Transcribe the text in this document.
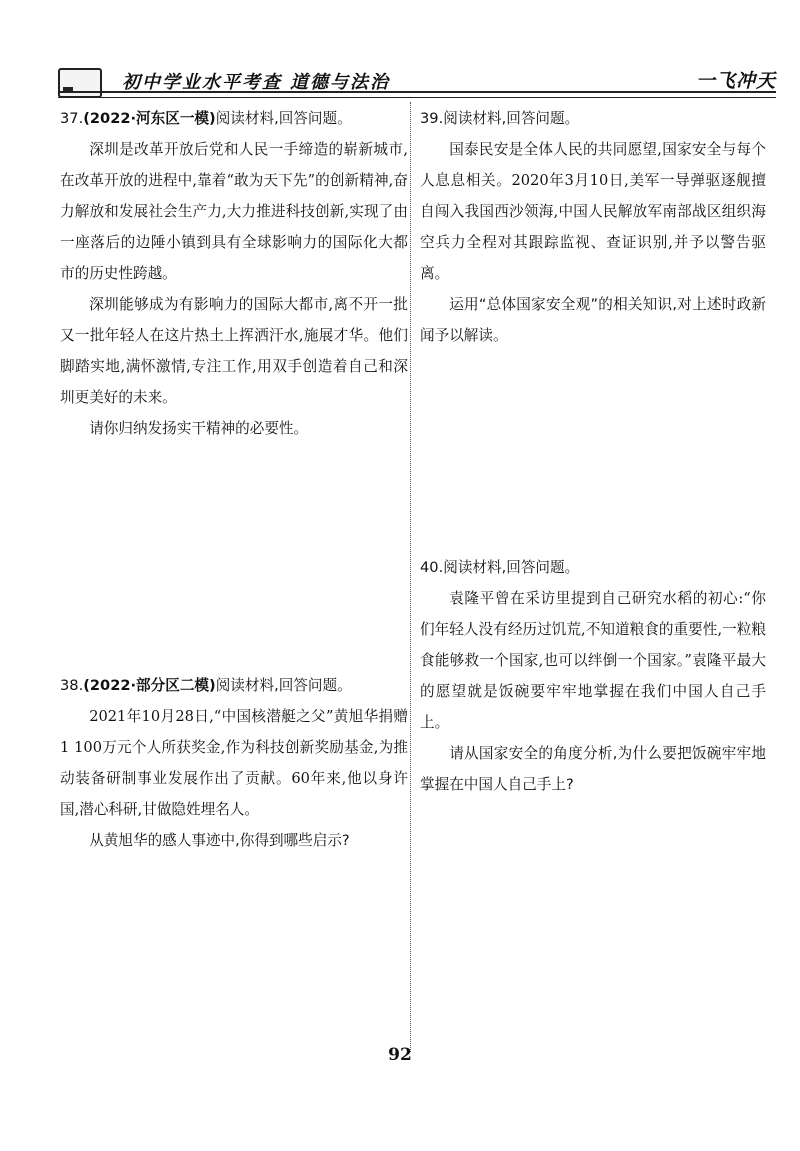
初中学业水平考查 道德与法治	一飞冲天
37.(2022·河东区一模)阅读材料,回答问题。

深圳是改革开放后党和人民一手缔造的崭新城市,在改革开放的进程中,靠着“敢为天下先”的创新精神,奋力解放和发展社会生产力,大力推进科技创新,实现了由一座落后的边陲小镇到具有全球影响力的国际化大都市的历史性跨越。

深圳能够成为有影响力的国际大都市,离不开一批又一批年轻人在这片热土上挥洒汗水,施展才华。他们脚踏实地,满怀激情,专注工作,用双手创造着自己和深圳更美好的未来。

请你归纳发扬实干精神的必要性。

38.(2022·部分区二模)阅读材料,回答问题。

2021年10月28日,“中国核潜艇之父”黄旭华捐赠1 100万元个人所获奖金,作为科技创新奖励基金,为推动装备研制事业发展作出了贡献。60年来,他以身许国,潜心科研,甘做隐姓埋名人。

从黄旭华的感人事迹中,你得到哪些启示?

39.阅读材料,回答问题。

国泰民安是全体人民的共同愿望,国家安全与每个人息息相关。2020年3月10日,美军一导弹驱逐舰擅自闯入我国西沙领海,中国人民解放军南部战区组织海空兵力全程对其跟踪监视、查证识别,并予以警告驱离。

运用“总体国家安全观”的相关知识,对上述时政新闻予以解读。

40.阅读材料,回答问题。

袁隆平曾在采访里提到自己研究水稻的初心:“你们年轻人没有经历过饥荒,不知道粮食的重要性,一粒粮食能够救一个国家,也可以绊倒一个国家。”袁隆平最大的愿望就是饭碗要牢牢地掌握在我们中国人自己手上。

请从国家安全的角度分析,为什么要把饭碗牢牢地掌握在中国人自己手上?

92
